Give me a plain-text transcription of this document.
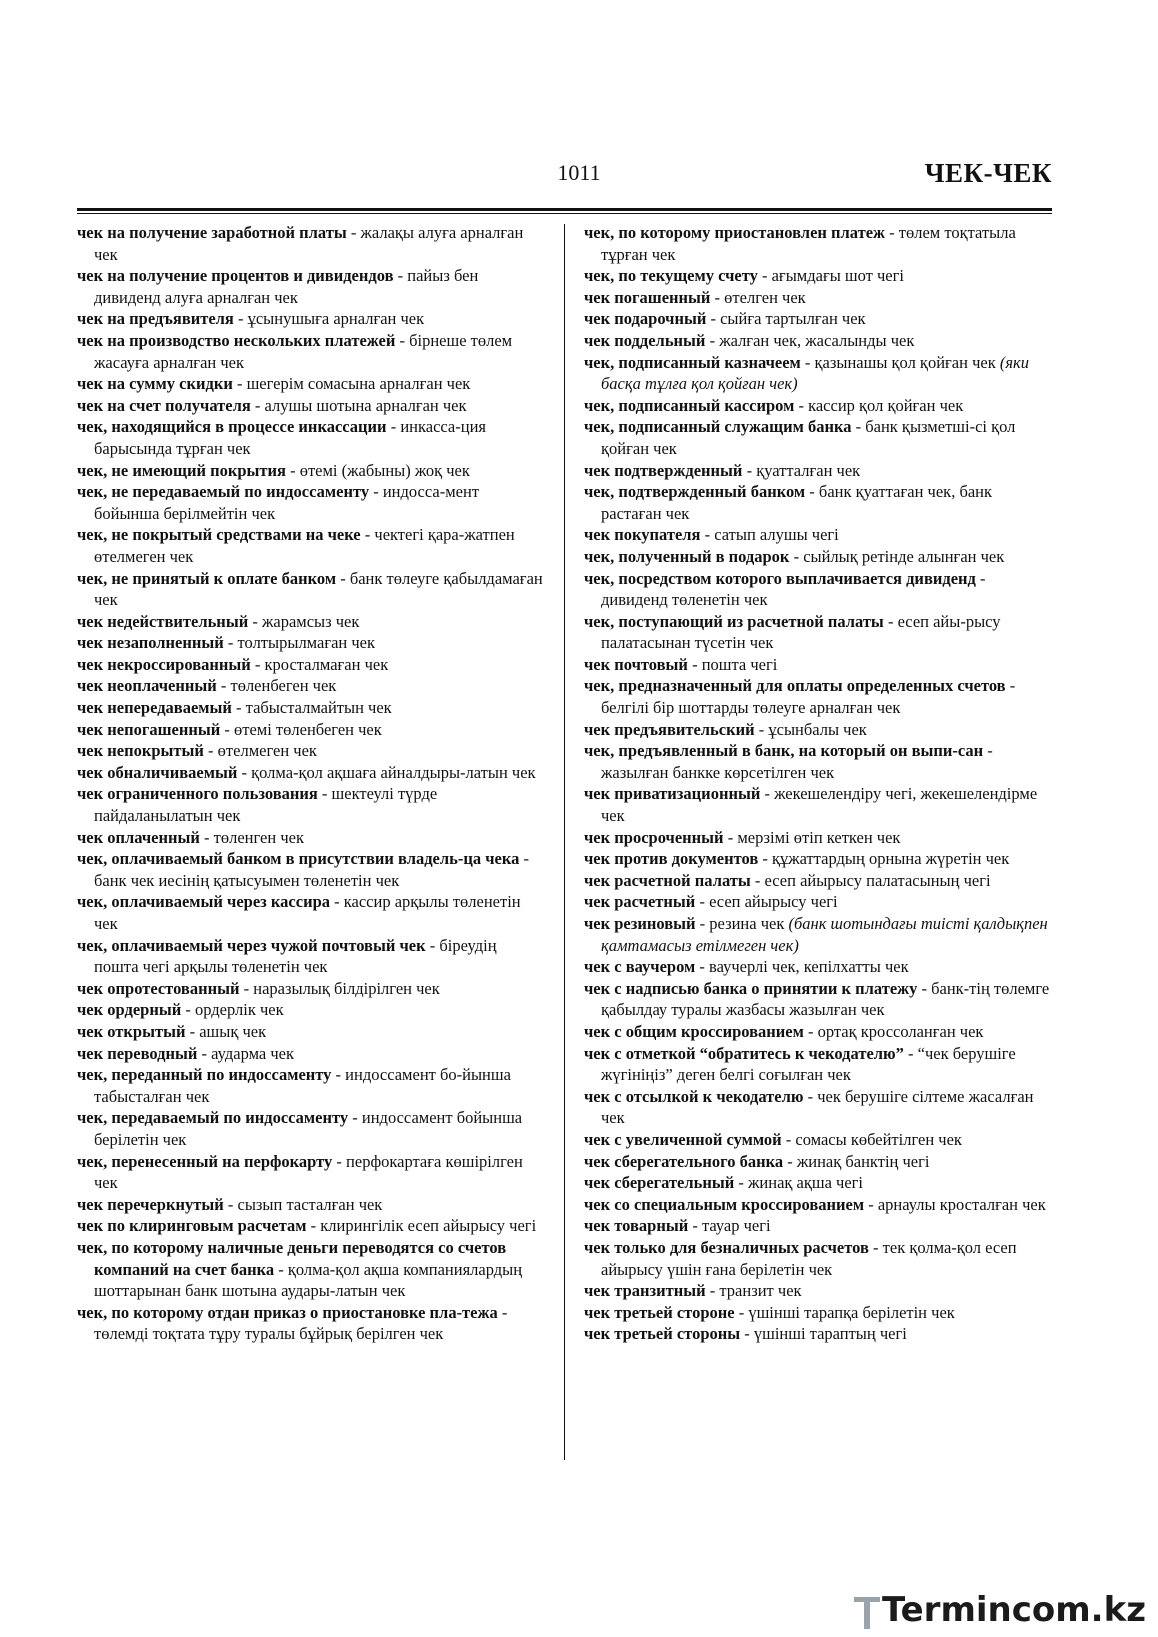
1011	ЧЕК-ЧЕК

чек на получение заработной платы - жалақы алуға арналған чек

чек на получение процентов и дивидендов - пайыз бен дивиденд алуға арналған чек

чек на предъявителя - ұсынушыға арналған чек

чек на производство нескольких платежей - бірнеше төлем жасауға арналған чек

чек на сумму скидки - шегерім сомасына арналған чек

чек на счет получателя - алушы шотына арналған чек

чек, находящийся в процессе инкассации - инкасса-ция барысында тұрған чек

чек, не имеющий покрытия - өтемі (жабыны) жоқ чек

чек, не передаваемый по индоссаменту - индосса-мент бойынша берілмейтін чек

чек, не покрытый средствами на чеке - чектегі қара-жатпен өтелмеген чек

чек, не принятый к оплате банком - банк төлеуге қабылдамаған чек

чек недействительный - жарамсыз чек

чек незаполненный - толтырылмаған чек

чек некроссированный - кросталмаған чек

чек неоплаченный - төленбеген чек

чек непередаваемый - табысталмайтын чек

чек непогашенный - өтемі төленбеген чек

чек непокрытый - өтелмеген чек

чек обналичиваемый - қолма-қол ақшаға айналдыры-латын чек

чек ограниченного пользования - шектеулі түрде пайдаланылатын чек

чек оплаченный - төленген чек

чек, оплачиваемый банком в присутствии владель-ца чека - банк чек иесінің қатысуымен төленетін чек

чек, оплачиваемый через кассира - кассир арқылы төленетін чек

чек, оплачиваемый через чужой почтовый чек - біреудің пошта чегі арқылы төленетін чек

чек опротестованный - наразылық білдірілген чек

чек ордерный - ордерлік чек

чек открытый - ашық чек

чек переводный - аударма чек

чек, переданный по индоссаменту - индоссамент бо-йынша табысталған чек

чек, передаваемый по индоссаменту - индоссамент бойынша берілетін чек

чек, перенесенный на перфокарту - перфокартаға көшірілген чек

чек перечеркнутый - сызып тасталған чек

чек по клиринговым расчетам - клирингілік есеп айырысу чегі

чек, по которому наличные деньги переводятся со счетов компаний на счет банка - қолма-қол ақша компаниялардың шоттарынан банк шотына аудары-латын чек

чек, по которому отдан приказ о приостановке пла-тежа - төлемді тоқтата тұру туралы бұйрық берілген чек

чек, по которому приостановлен платеж - төлем тоқтатыла тұрған чек

чек, по текущему счету - ағымдағы шот чегі

чек погашенный - өтелген чек

чек подарочный - сыйға тартылған чек

чек поддельный - жалған чек, жасалынды чек

чек, подписанный казначеем - қазынашы қол қойған чек (яки басқа тұлға қол қойған чек)

чек, подписанный кассиром - кассир қол қойған чек

чек, подписанный служащим банка - банк қызметші-сі қол қойған чек

чек подтвержденный - қуатталған чек

чек, подтвержденный банком - банк қуаттаған чек, банк растаған чек

чек покупателя - сатып алушы чегі

чек, полученный в подарок - сыйлық ретінде алынған чек

чек, посредством которого выплачивается дивиденд - дивиденд төленетін чек

чек, поступающий из расчетной палаты - есеп айы-рысу палатасынан түсетін чек

чек почтовый - пошта чегі

чек, предназначенный для оплаты определенных счетов - белгілі бір шоттарды төлеуге арналған чек

чек предъявительский - ұсынбалы чек

чек, предъявленный в банк, на который он выпи-сан - жазылған банкке көрсетілген чек

чек приватизационный - жекешелендіру чегі, жекешелендірме чек

чек просроченный - мерзімі өтіп кеткен чек

чек против документов - құжаттардың орнына жүретін чек

чек расчетной палаты - есеп айырысу палатасының чегі

чек расчетный - есеп айырысу чегі

чек резиновый - резина чек (банк шотындағы тиісті қалдықпен қамтамасыз етілмеген чек)

чек с ваучером - ваучерлі чек, кепілхатты чек

чек с надписью банка о принятии к платежу - банк-тің төлемге қабылдау туралы жазбасы жазылған чек

чек с общим кроссированием - ортақ кроссоланған чек

чек с отметкой “обратитесь к чекодателю” - “чек берушіге жүгініңіз” деген белгі соғылған чек

чек с отсылкой к чекодателю - чек берушіге сілтеме жасалған чек

чек с увеличенной суммой - сомасы көбейтілген чек

чек сберегательного банка - жинақ банктің чегі

чек сберегательный - жинақ ақша чегі

чек со специальным кроссированием - арнаулы кросталған чек

чек товарный - тауар чегі

чек только для безналичных расчетов - тек қолма-қол есеп айырысу үшін ғана берілетін чек

чек транзитный - транзит чек

чек третьей стороне - үшінші тарапқа берілетін чек

чек третьей стороны - үшінші тараптың чегі

Termincom.kz
